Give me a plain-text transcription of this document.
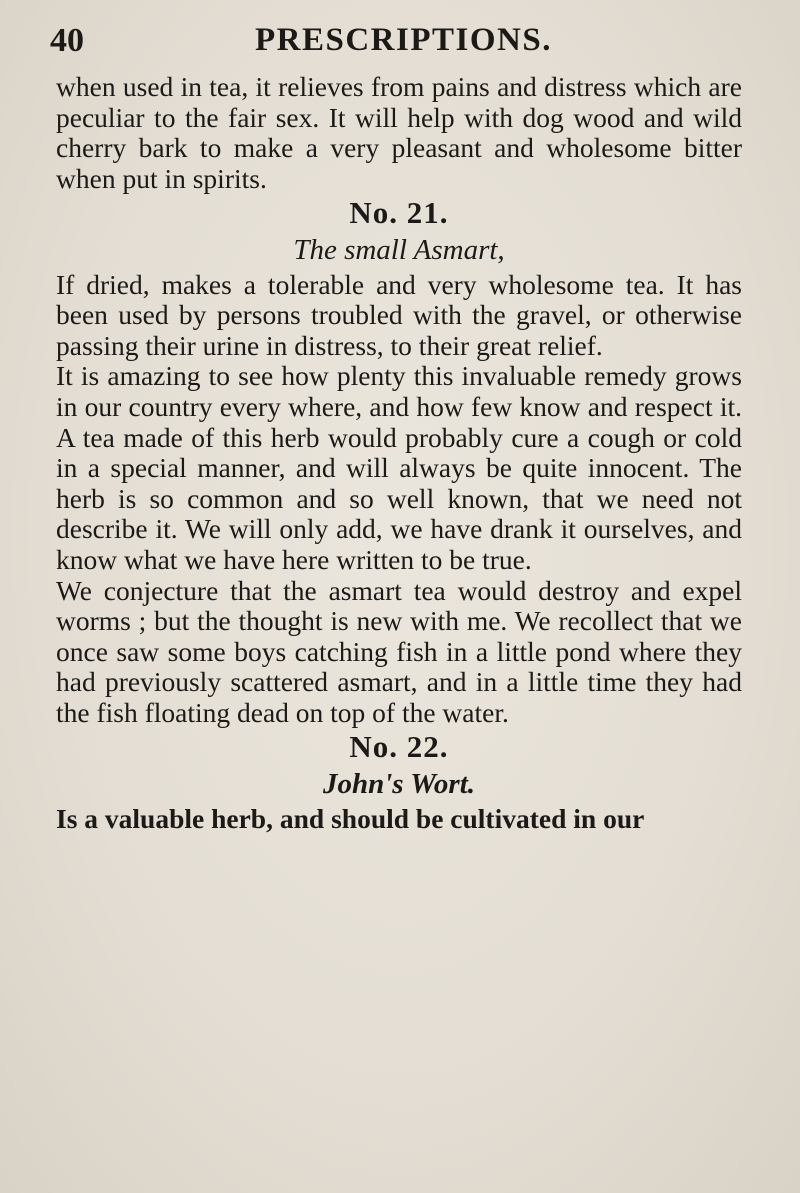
40	PRESCRIPTIONS.

when used in tea, it relieves from pains and distress which are peculiar to the fair sex. It will help with dog wood and wild cherry bark to make a very pleasant and wholesome bitter when put in spirits.

No. 21.
The small Asmart,

If dried, makes a tolerable and very wholesome tea. It has been used by persons troubled with the gravel, or otherwise passing their urine in distress, to their great relief.

It is amazing to see how plenty this invaluable remedy grows in our country every where, and how few know and respect it. A tea made of this herb would probably cure a cough or cold in a special manner, and will always be quite innocent. The herb is so common and so well known, that we need not describe it. We will only add, we have drank it ourselves, and know what we have here written to be true.

We conjecture that the asmart tea would destroy and expel worms ; but the thought is new with me. We recollect that we once saw some boys catching fish in a little pond where they had previously scattered asmart, and in a little time they had the fish floating dead on top of the water.

No. 22.
John's Wort.

Is a valuable herb, and should be cultivated in our
